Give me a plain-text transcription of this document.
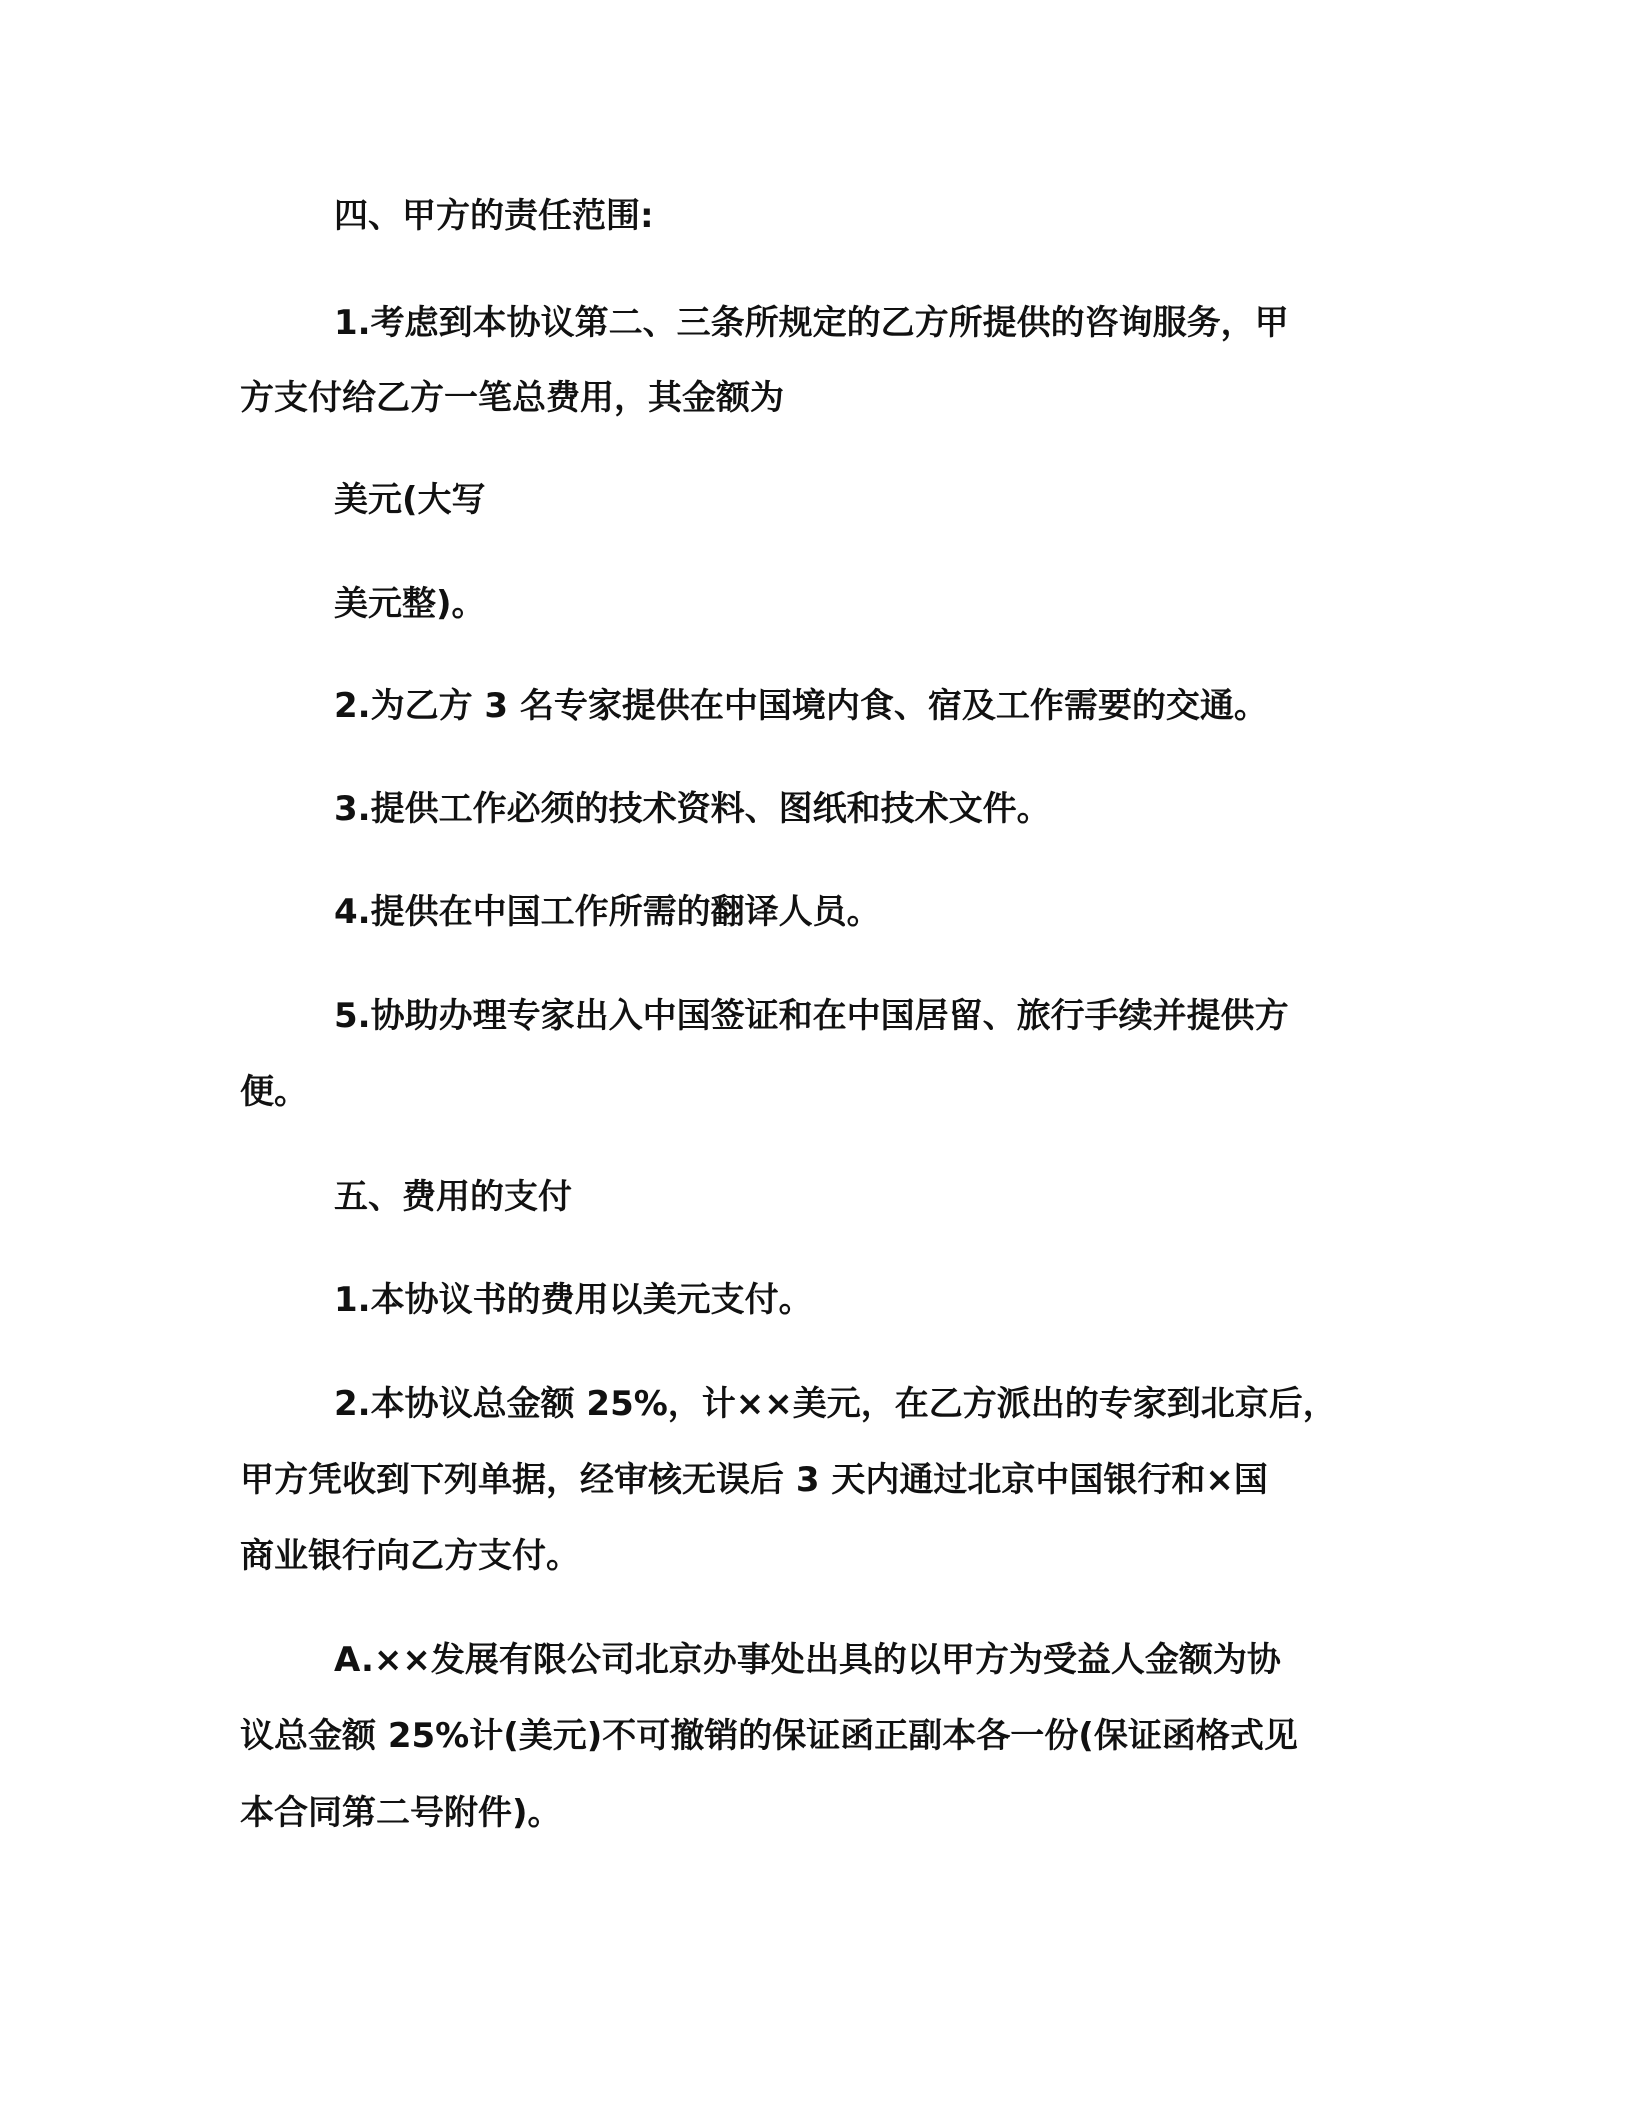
四、甲方的责任范围:
1.考虑到本协议第二、三条所规定的乙方所提供的咨询服务，甲
方支付给乙方一笔总费用，其金额为
美元(大写
美元整)。
2.为乙方 3 名专家提供在中国境内食、宿及工作需要的交通。
3.提供工作必须的技术资料、图纸和技术文件。
4.提供在中国工作所需的翻译人员。
5.协助办理专家出入中国签证和在中国居留、旅行手续并提供方
便。
五、费用的支付
1.本协议书的费用以美元支付。
2.本协议总金额 25%，计××美元，在乙方派出的专家到北京后，
甲方凭收到下列单据，经审核无误后 3 天内通过北京中国银行和×国
商业银行向乙方支付。
A.××发展有限公司北京办事处出具的以甲方为受益人金额为协
议总金额 25%计(美元)不可撤销的保证函正副本各一份(保证函格式见
本合同第二号附件)。
